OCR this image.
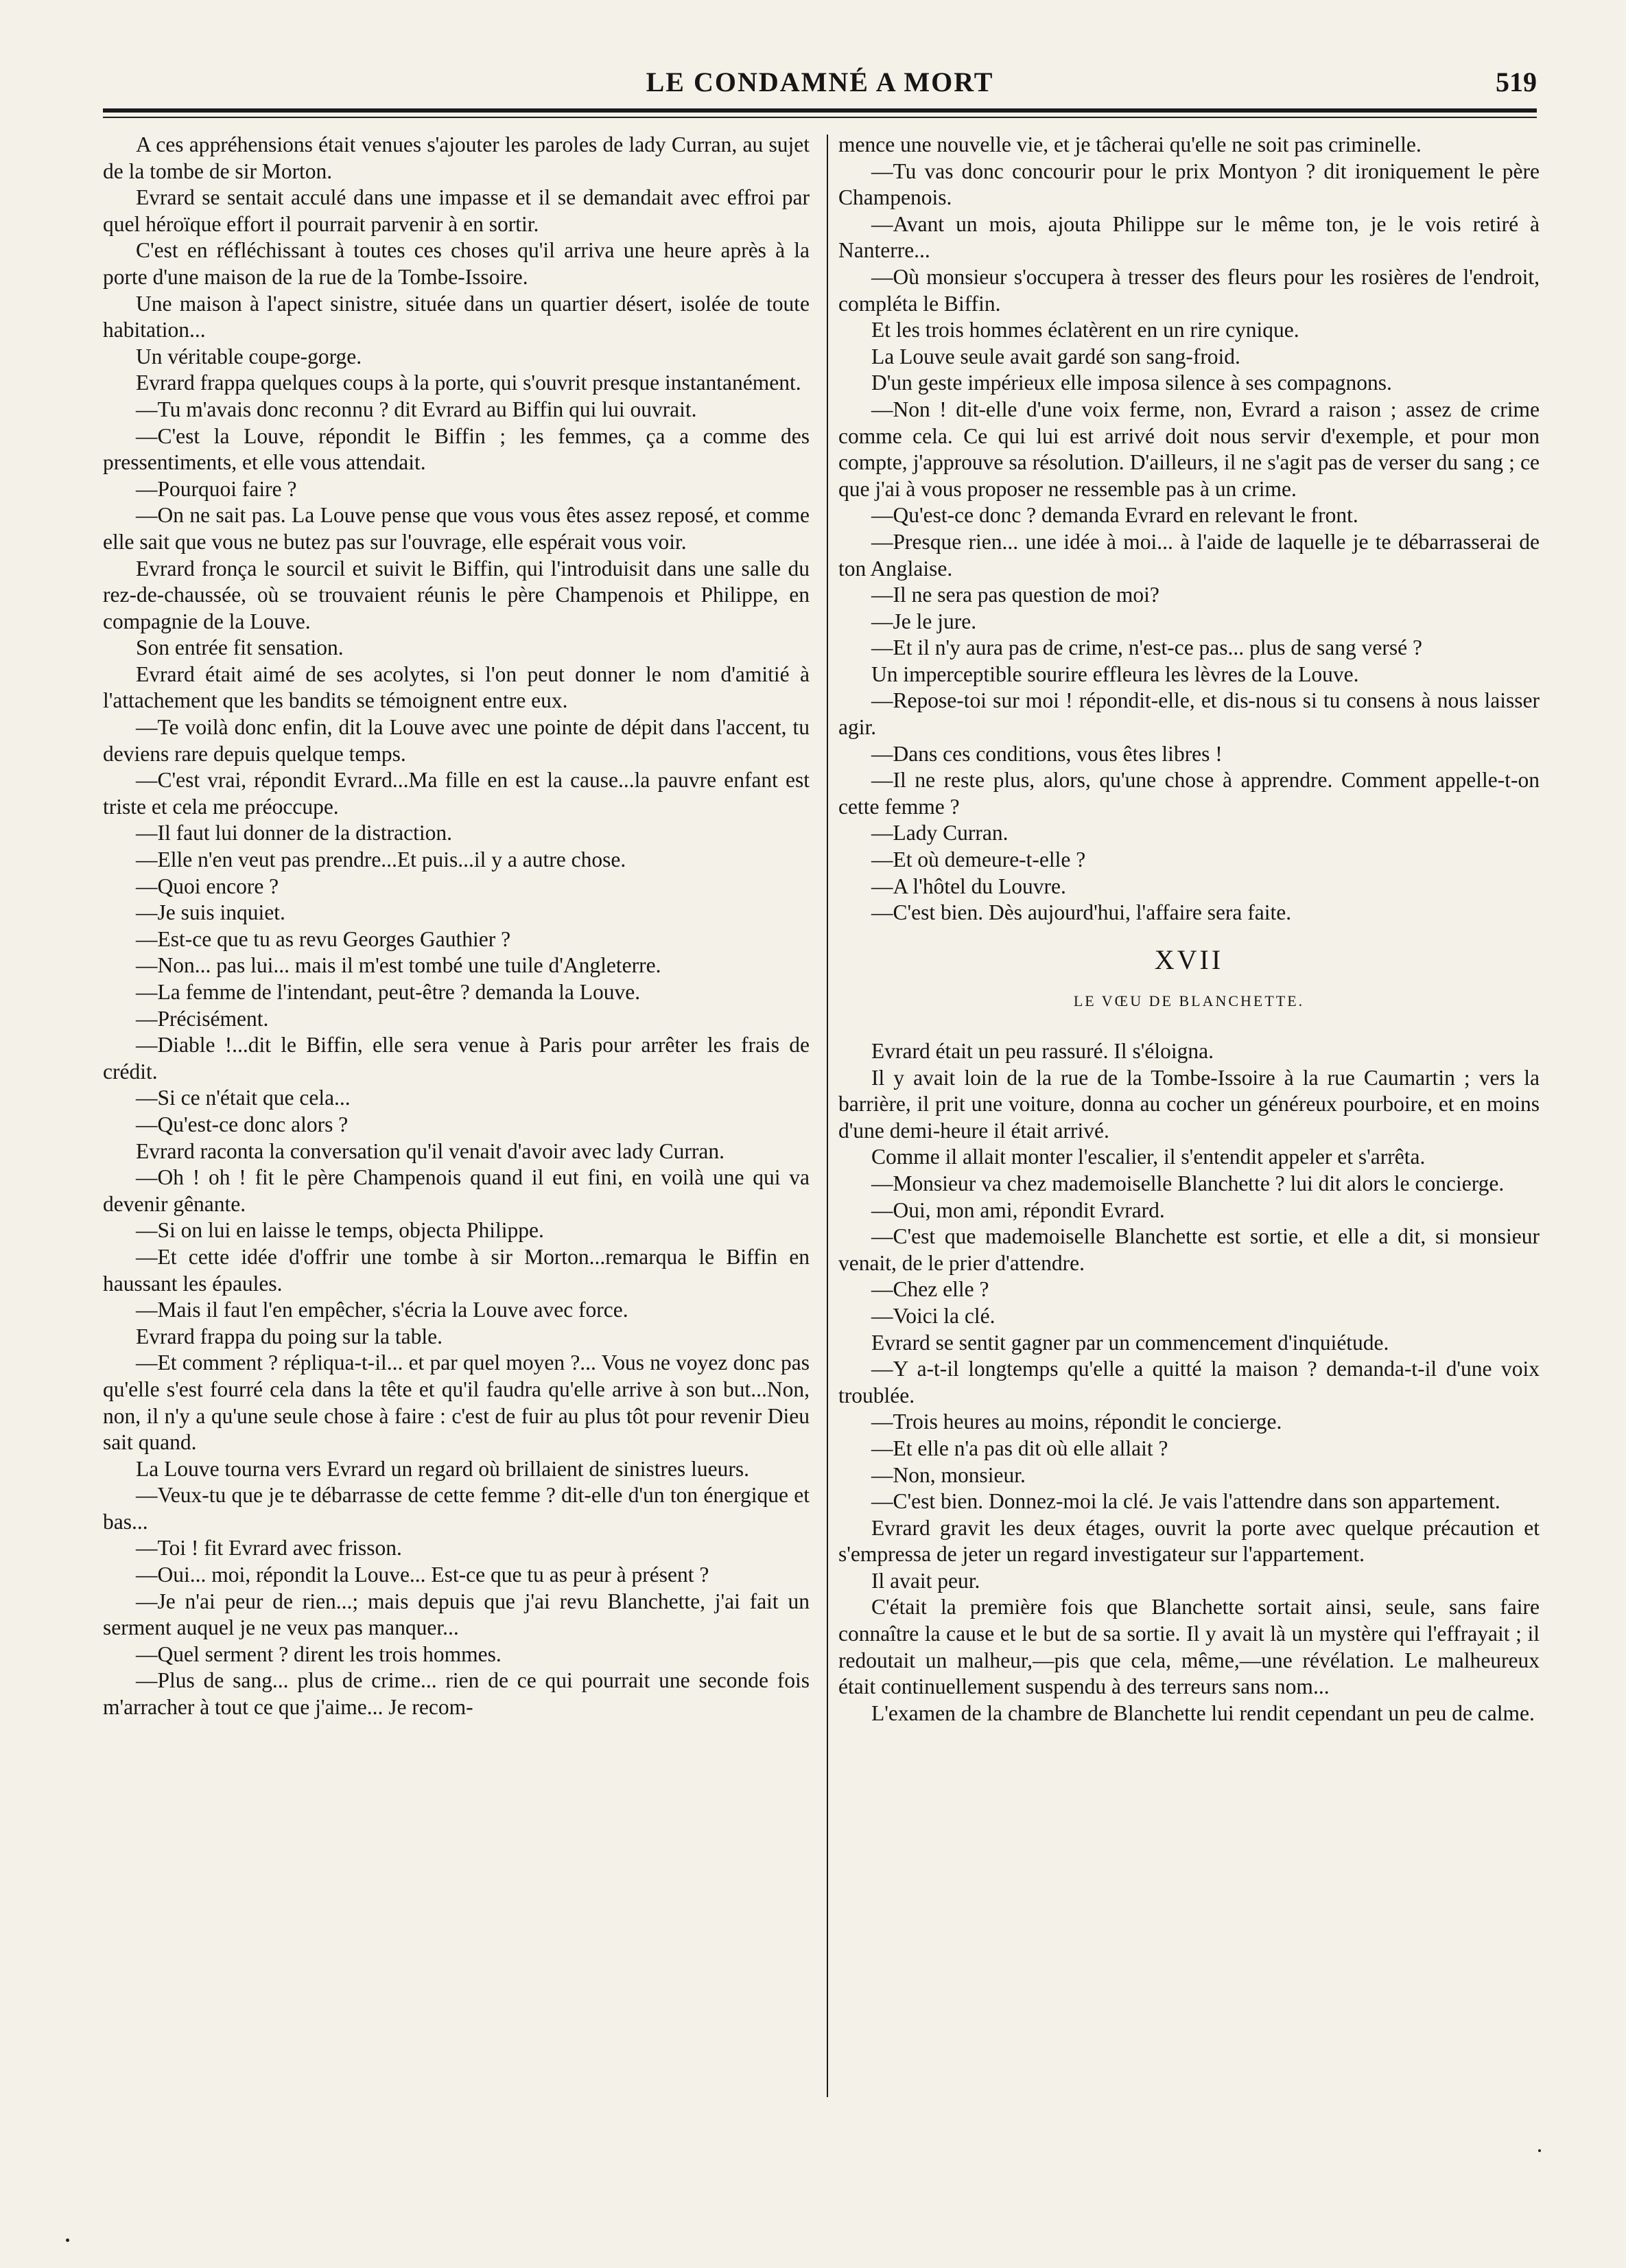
LE CONDAMNÉ A MORT	519

A ces appréhensions était venues s'ajouter les paroles de lady Curran, au sujet de la tombe de sir Morton.

Evrard se sentait acculé dans une impasse et il se demandait avec effroi par quel héroïque effort il pourrait parvenir à en sortir.

C'est en réfléchissant à toutes ces choses qu'il arriva une heure après à la porte d'une maison de la rue de la Tombe-Issoire.

Une maison à l'apect sinistre, située dans un quartier désert, isolée de toute habitation...

Un véritable coupe-gorge.

Evrard frappa quelques coups à la porte, qui s'ouvrit presque instantanément.

—Tu m'avais donc reconnu ? dit Evrard au Biffin qui lui ouvrait.

—C'est la Louve, répondit le Biffin ; les femmes, ça a comme des pressentiments, et elle vous attendait.

—Pourquoi faire ?

—On ne sait pas. La Louve pense que vous vous êtes assez reposé, et comme elle sait que vous ne butez pas sur l'ouvrage, elle espérait vous voir.

Evrard fronça le sourcil et suivit le Biffin, qui l'introduisit dans une salle du rez-de-chaussée, où se trouvaient réunis le père Champenois et Philippe, en compagnie de la Louve.

Son entrée fit sensation.

Evrard était aimé de ses acolytes, si l'on peut donner le nom d'amitié à l'attachement que les bandits se témoignent entre eux.

—Te voilà donc enfin, dit la Louve avec une pointe de dépit dans l'accent, tu deviens rare depuis quelque temps.

—C'est vrai, répondit Evrard...Ma fille en est la cause...la pauvre enfant est triste et cela me préoccupe.

—Il faut lui donner de la distraction.

—Elle n'en veut pas prendre...Et puis...il y a autre chose.

—Quoi encore ?

—Je suis inquiet.

—Est-ce que tu as revu Georges Gauthier ?

—Non... pas lui... mais il m'est tombé une tuile d'Angleterre.

—La femme de l'intendant, peut-être ? demanda la Louve.

—Précisément.

—Diable !...dit le Biffin, elle sera venue à Paris pour arrêter les frais de crédit.

—Si ce n'était que cela...

—Qu'est-ce donc alors ?

Evrard raconta la conversation qu'il venait d'avoir avec lady Curran.

—Oh ! oh ! fit le père Champenois quand il eut fini, en voilà une qui va devenir gênante.

—Si on lui en laisse le temps, objecta Philippe.

—Et cette idée d'offrir une tombe à sir Morton...remarqua le Biffin en haussant les épaules.

—Mais il faut l'en empêcher, s'écria la Louve avec force.

Evrard frappa du poing sur la table.

—Et comment ? répliqua-t-il... et par quel moyen ?... Vous ne voyez donc pas qu'elle s'est fourré cela dans la tête et qu'il faudra qu'elle arrive à son but...Non, non, il n'y a qu'une seule chose à faire : c'est de fuir au plus tôt pour revenir Dieu sait quand.

La Louve tourna vers Evrard un regard où brillaient de sinistres lueurs.

—Veux-tu que je te débarrasse de cette femme ? dit-elle d'un ton énergique et bas...

—Toi ! fit Evrard avec frisson.

—Oui... moi, répondit la Louve... Est-ce que tu as peur à présent ?

—Je n'ai peur de rien...; mais depuis que j'ai revu Blanchette, j'ai fait un serment auquel je ne veux pas manquer...

—Quel serment ? dirent les trois hommes.

—Plus de sang... plus de crime... rien de ce qui pourrait une seconde fois m'arracher à tout ce que j'aime... Je recom-

mence une nouvelle vie, et je tâcherai qu'elle ne soit pas criminelle.

—Tu vas donc concourir pour le prix Montyon ? dit ironiquement le père Champenois.

—Avant un mois, ajouta Philippe sur le même ton, je le vois retiré à Nanterre...

—Où monsieur s'occupera à tresser des fleurs pour les rosières de l'endroit, compléta le Biffin.

Et les trois hommes éclatèrent en un rire cynique.

La Louve seule avait gardé son sang-froid.

D'un geste impérieux elle imposa silence à ses compagnons.

—Non ! dit-elle d'une voix ferme, non, Evrard a raison ; assez de crime comme cela. Ce qui lui est arrivé doit nous servir d'exemple, et pour mon compte, j'approuve sa résolution. D'ailleurs, il ne s'agit pas de verser du sang ; ce que j'ai à vous proposer ne ressemble pas à un crime.

—Qu'est-ce donc ? demanda Evrard en relevant le front.

—Presque rien... une idée à moi... à l'aide de laquelle je te débarrasserai de ton Anglaise.

—Il ne sera pas question de moi?

—Je le jure.

—Et il n'y aura pas de crime, n'est-ce pas... plus de sang versé ?

Un imperceptible sourire effleura les lèvres de la Louve.

—Repose-toi sur moi ! répondit-elle, et dis-nous si tu consens à nous laisser agir.

—Dans ces conditions, vous êtes libres !

—Il ne reste plus, alors, qu'une chose à apprendre. Comment appelle-t-on cette femme ?

—Lady Curran.

—Et où demeure-t-elle ?

—A l'hôtel du Louvre.

—C'est bien. Dès aujourd'hui, l'affaire sera faite.

XVII

LE VŒU DE BLANCHETTE.

Evrard était un peu rassuré. Il s'éloigna.

Il y avait loin de la rue de la Tombe-Issoire à la rue Caumartin ; vers la barrière, il prit une voiture, donna au cocher un généreux pourboire, et en moins d'une demi-heure il était arrivé.

Comme il allait monter l'escalier, il s'entendit appeler et s'arrêta.

—Monsieur va chez mademoiselle Blanchette ? lui dit alors le concierge.

—Oui, mon ami, répondit Evrard.

—C'est que mademoiselle Blanchette est sortie, et elle a dit, si monsieur venait, de le prier d'attendre.

—Chez elle ?

—Voici la clé.

Evrard se sentit gagner par un commencement d'inquiétude.

—Y a-t-il longtemps qu'elle a quitté la maison ? demanda-t-il d'une voix troublée.

—Trois heures au moins, répondit le concierge.

—Et elle n'a pas dit où elle allait ?

—Non, monsieur.

—C'est bien. Donnez-moi la clé. Je vais l'attendre dans son appartement.

Evrard gravit les deux étages, ouvrit la porte avec quelque précaution et s'empressa de jeter un regard investigateur sur l'appartement.

Il avait peur.

C'était la première fois que Blanchette sortait ainsi, seule, sans faire connaître la cause et le but de sa sortie. Il y avait là un mystère qui l'effrayait ; il redoutait un malheur,—pis que cela, même,—une révélation. Le malheureux était continuellement suspendu à des terreurs sans nom...

L'examen de la chambre de Blanchette lui rendit cependant un peu de calme.
